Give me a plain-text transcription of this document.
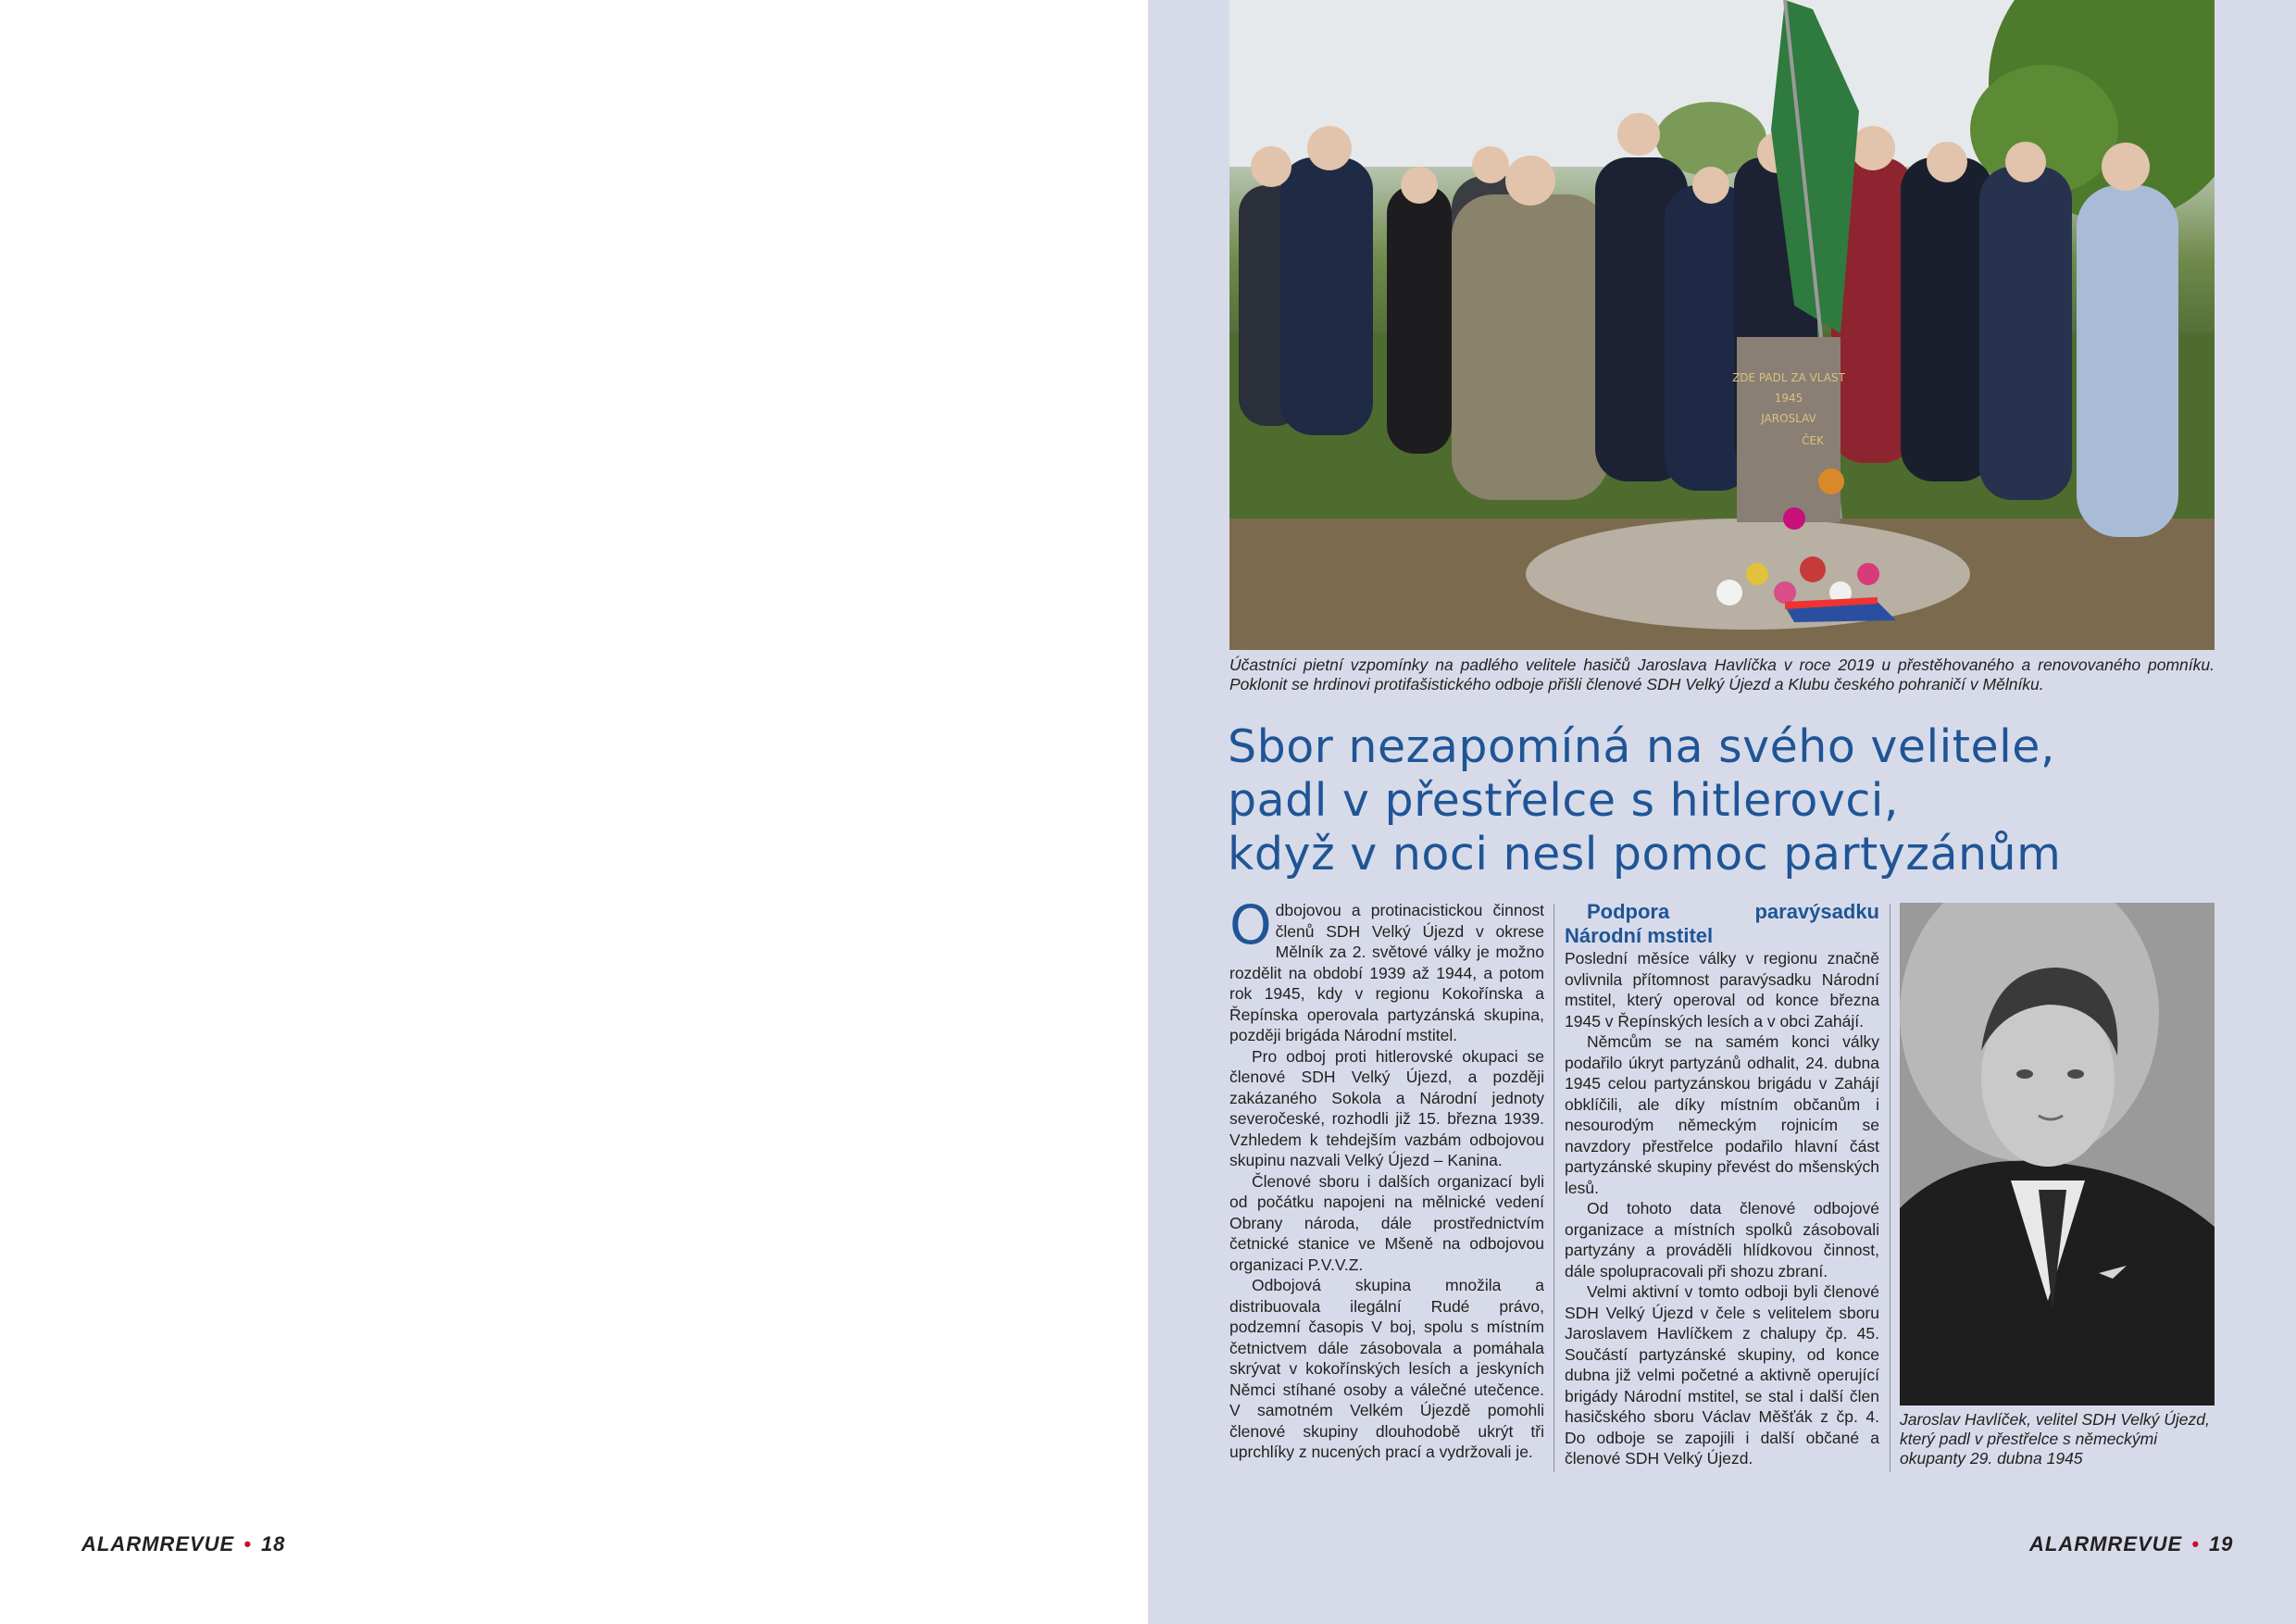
ALARMREVUE • 18
ZDE PADL ZA VLAST
1945
JAROSLAV
ČEK
Účastníci pietní vzpomínky na padlého velitele hasičů Jaroslava Havlíčka v roce 2019 u přestěhovaného a renovovaného pomníku. Poklonit se hrdinovi protifašistického odboje přišli členové SDH Velký Újezd a Klubu českého pohraničí v Mělníku.
Sbor nezapomíná na svého velitele,
padl v přestřelce s hitlerovci,
když v noci nesl pomoc partyzánům

Odbojovou a protinacistickou činnost členů SDH Velký Újezd v okrese Mělník za 2. světové války je možno rozdělit na období 1939 až 1944, a potom rok 1945, kdy v regionu Kokořínska a Řepínska operovala partyzánská skupina, později brigáda Národní mstitel.

Pro odboj proti hitlerovské okupaci se členové SDH Velký Újezd, a později zakázaného Sokola a Národní jednoty severočeské, rozhodli již 15. března 1939. Vzhledem k tehdejším vazbám odbojovou skupinu nazvali Velký Újezd – Kanina.

Členové sboru i dalších organizací byli od počátku napojeni na mělnické vedení Obrany národa, dále prostřednictvím četnické stanice ve Mšeně na odbojovou organizaci P.V.V.Z.

Odbojová skupina množila a distribuovala ilegální Rudé právo, podzemní časopis V boj, spolu s místním četnictvem dále zásobovala a pomáhala skrývat v kokořínských lesích a jeskyních Němci stíhané osoby a válečné utečence. V samotném Velkém Újezdě pomohli členové skupiny dlouhodobě ukrýt tři uprchlíky z nucených prací a vydržovali je.

Podpora paravýsadku Národní mstitel

Poslední měsíce války v regionu značně ovlivnila přítomnost paravýsadku Národní mstitel, který operoval od konce března 1945 v Řepínských lesích a v obci Zahájí.

Němcům se na samém konci války podařilo úkryt partyzánů odhalit, 24. dubna 1945 celou partyzánskou brigádu v Zahájí obklíčili, ale díky místním občanům i nesourodým německým rojnicím se navzdory přestřelce podařilo hlavní část partyzánské skupiny převést do mšenských lesů.

Od tohoto data členové odbojové organizace a místních spolků zásobovali partyzány a prováděli hlídkovou činnost, dále spolupracovali při shozu zbraní.

Velmi aktivní v tomto odboji byli členové SDH Velký Újezd v čele s velitelem sboru Jaroslavem Havlíčkem z chalupy čp. 45. Součástí partyzánské skupiny, od konce dubna již velmi početné a aktivně operující brigády Národní mstitel, se stal i další člen hasičského sboru Václav Měšťák z čp. 4. Do odboje se zapojili i další občané a členové SDH Velký Újezd.

Jaroslav Havlíček, velitel SDH Velký Újezd, který padl v přestřelce s německými okupanty 29. dubna 1945
ALARMREVUE • 19
